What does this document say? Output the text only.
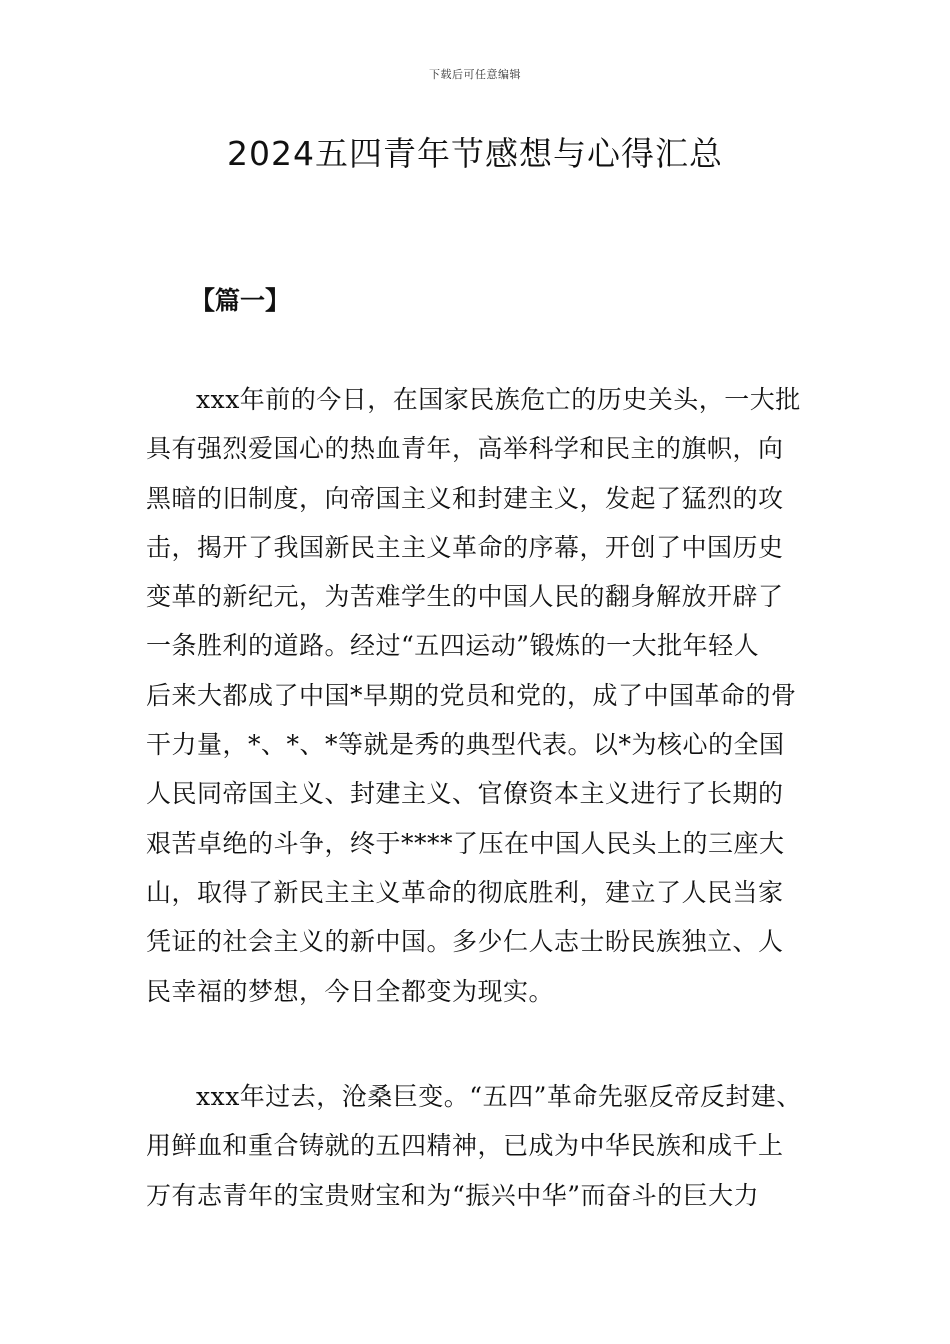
下载后可任意编辑
2024五四青年节感想与心得汇总
【篇一】

xxx年前的今日，在国家民族危亡的历史关头，一大批
具有强烈爱国心的热血青年，高举科学和民主的旗帜，向
黑暗的旧制度，向帝国主义和封建主义，发起了猛烈的攻
击，揭开了我国新民主主义革命的序幕，开创了中国历史
变革的新纪元，为苦难学生的中国人民的翻身解放开辟了
一条胜利的道路。经过“五四运动”锻炼的一大批年轻人
后来大都成了中国*早期的党员和党的，成了中国革命的骨
干力量，*、*、*等就是秀的典型代表。以*为核心的全国
人民同帝国主义、封建主义、官僚资本主义进行了长期的
艰苦卓绝的斗争，终于****了压在中国人民头上的三座大
山，取得了新民主主义革命的彻底胜利，建立了人民当家
凭证的社会主义的新中国。多少仁人志士盼民族独立、人
民幸福的梦想，今日全都变为现实。

xxx年过去，沧桑巨变。“五四”革命先驱反帝反封建、
用鲜血和重合铸就的五四精神，已成为中华民族和成千上
万有志青年的宝贵财宝和为“振兴中华”而奋斗的巨大力
